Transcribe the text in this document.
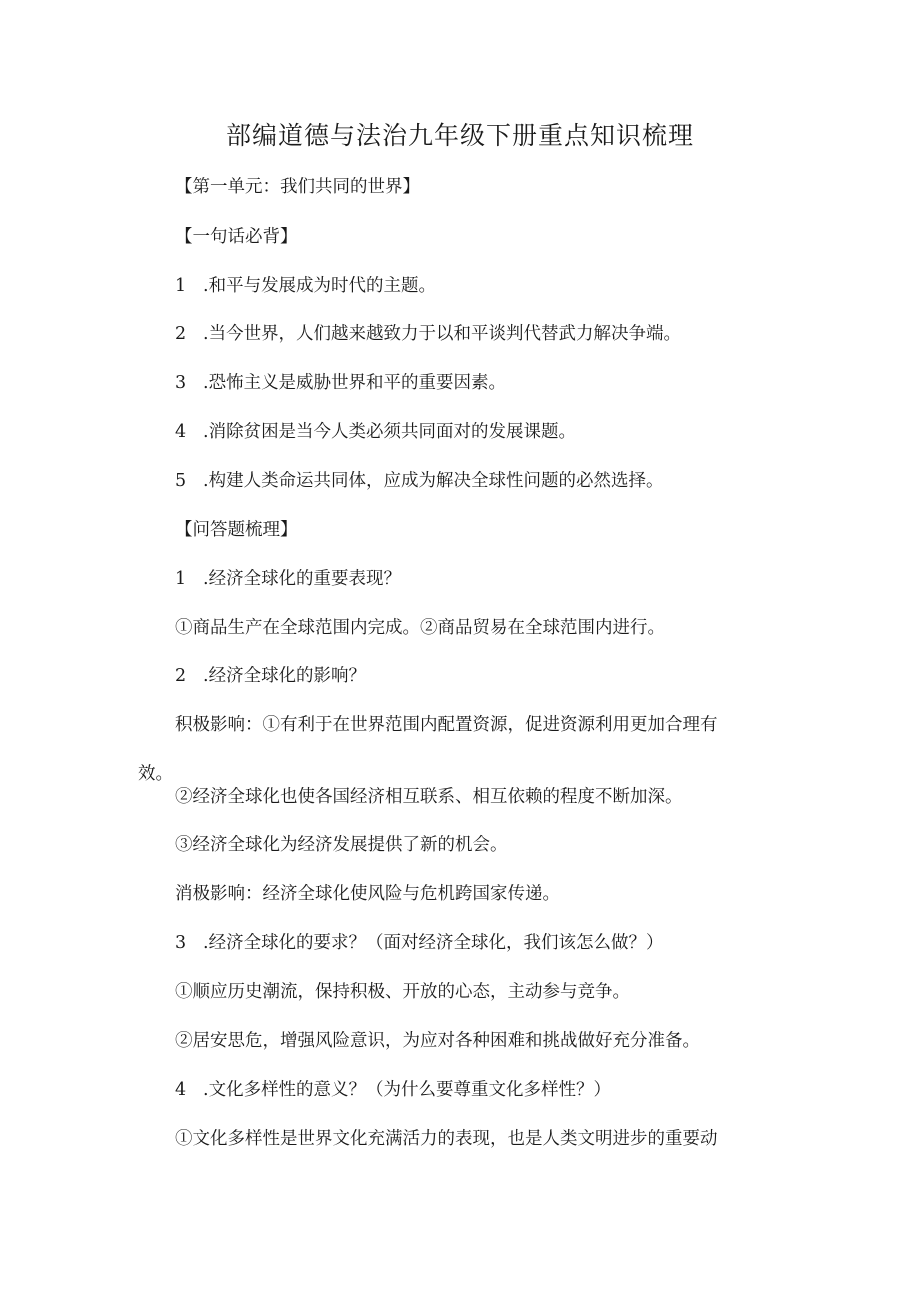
部编道德与法治九年级下册重点知识梳理
【第一单元：我们共同的世界】
【一句话必背】
1 .和平与发展成为时代的主题。
2 .当今世界，人们越来越致力于以和平谈判代替武力解决争端。
3 .恐怖主义是威胁世界和平的重要因素。
4 .消除贫困是当今人类必须共同面对的发展课题。
5 .构建人类命运共同体，应成为解决全球性问题的必然选择。
【问答题梳理】
1 .经济全球化的重要表现？
①商品生产在全球范围内完成。②商品贸易在全球范围内进行。
2 .经济全球化的影响？
积极影响：①有利于在世界范围内配置资源，促进资源利用更加合理有
效。
②经济全球化也使各国经济相互联系、相互依赖的程度不断加深。
③经济全球化为经济发展提供了新的机会。
消极影响：经济全球化使风险与危机跨国家传递。
3 .经济全球化的要求？（面对经济全球化，我们该怎么做？）
①顺应历史潮流，保持积极、开放的心态，主动参与竞争。
②居安思危，增强风险意识，为应对各种困难和挑战做好充分准备。
4 .文化多样性的意义？（为什么要尊重文化多样性？）
①文化多样性是世界文化充满活力的表现，也是人类文明进步的重要动
